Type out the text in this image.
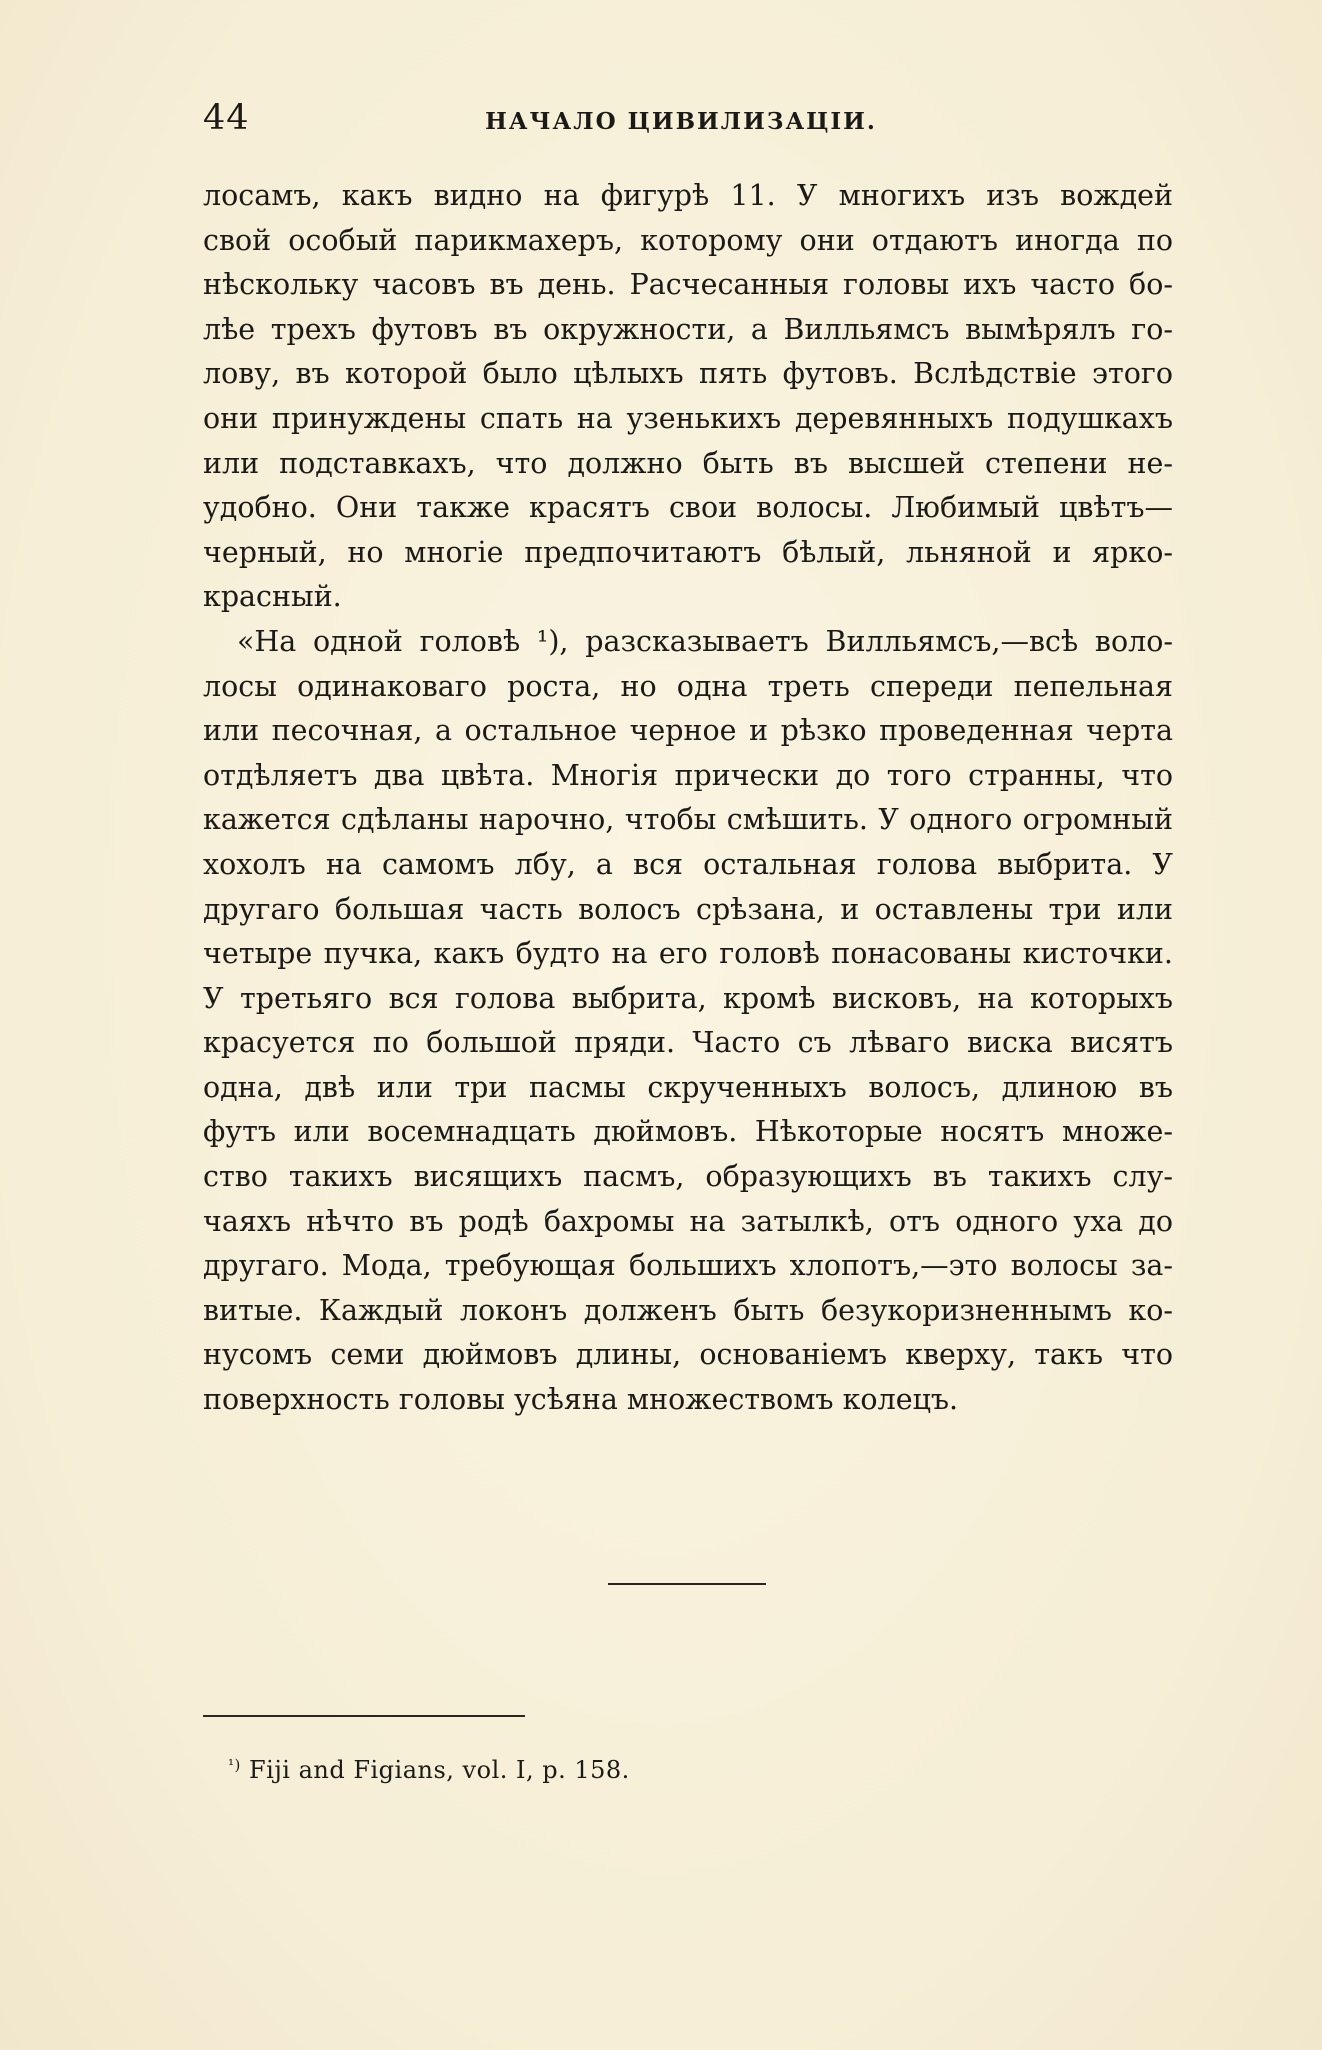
44	НАЧАЛО ЦИВИЛИЗАЦIИ.
лосамъ, какъ видно на фигурѣ 11. У многихъ изъ вождей
свой особый парикмахеръ, которому они отдаютъ иногда по
нѣскольку часовъ въ день. Расчесанныя головы ихъ часто бо-
лѣе трехъ футовъ въ окружности, а Вилльямсъ вымѣрялъ го-
лову, въ которой было цѣлыхъ пять футовъ. Вслѣдствiе этого
они принуждены спать на узенькихъ деревянныхъ подушкахъ
или подставкахъ, что должно быть въ высшей степени не-
удобно. Они также красятъ свои волосы. Любимый цвѣтъ—
черный, но многiе предпочитаютъ бѣлый, льняной и ярко-
красный.
«На одной головѣ ¹), разсказываетъ Вилльямсъ,—всѣ воло-
лосы одинаковаго роста, но одна треть спереди пепельная
или песочная, а остальное черное и рѣзко проведенная черта
отдѣляетъ два цвѣта. Многiя прически до того странны, что
кажется сдѣланы нарочно, чтобы смѣшить. У одного огромный
хохолъ на самомъ лбу, а вся остальная голова выбрита. У
другаго большая часть волосъ срѣзана, и оставлены три или
четыре пучка, какъ будто на его головѣ понасованы кисточки.
У третьяго вся голова выбрита, кромѣ висковъ, на которыхъ
красуется по большой пряди. Часто съ лѣваго виска висятъ
одна, двѣ или три пасмы скрученныхъ волосъ, длиною въ
футъ или восемнадцать дюймовъ. Нѣкоторые носятъ множе-
ство такихъ висящихъ пасмъ, образующихъ въ такихъ слу-
чаяхъ нѣчто въ родѣ бахромы на затылкѣ, отъ одного уха до
другаго. Мода, требующая большихъ хлопотъ,—это волосы за-
витые. Каждый локонъ долженъ быть безукоризненнымъ ко-
нусомъ семи дюймовъ длины, основанiемъ кверху, такъ что
поверхность головы усѣяна множествомъ колецъ.
$^{^1)}$ Fiji and Figians, vol. I, p. 158.
